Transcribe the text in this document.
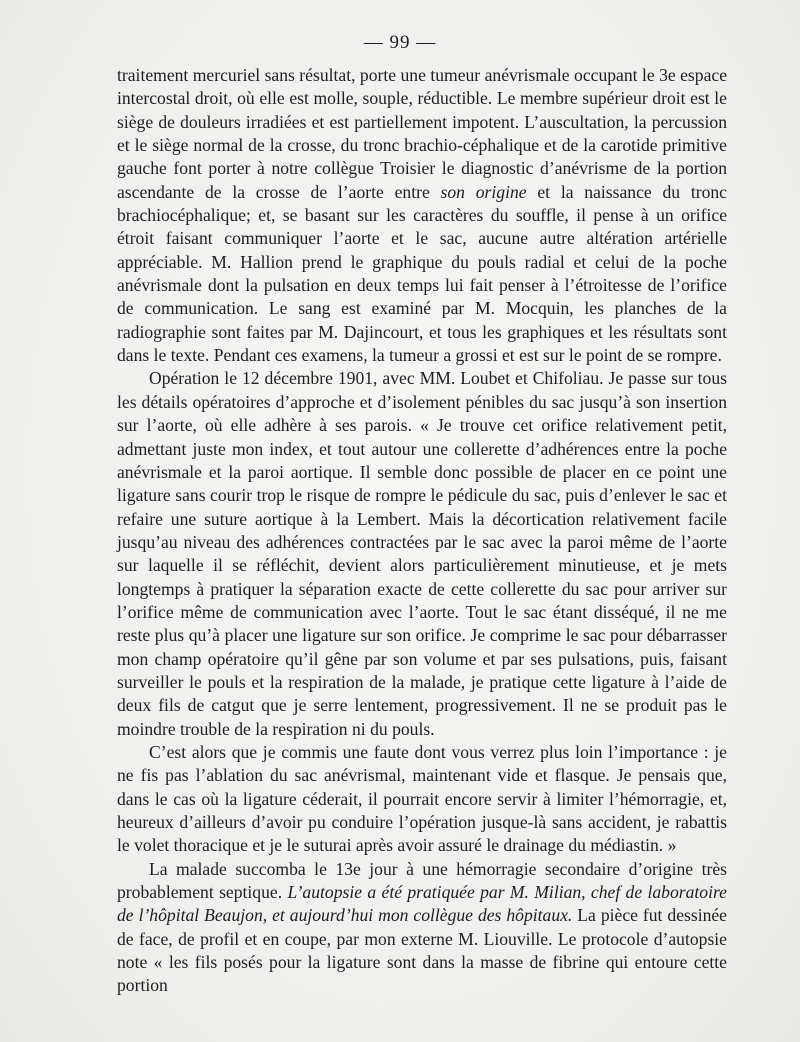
— 99 —

traitement mercuriel sans résultat, porte une tumeur anévrismale occupant le 3e espace intercostal droit, où elle est molle, souple, réductible. Le membre supérieur droit est le siège de douleurs irradiées et est partiellement impotent. L’auscultation, la percussion et le siège normal de la crosse, du tronc brachio-céphalique et de la carotide primitive gauche font porter à notre collègue Troisier le diagnostic d’anévrisme de la portion ascendante de la crosse de l’aorte entre son origine et la naissance du tronc brachiocéphalique; et, se basant sur les caractères du souffle, il pense à un orifice étroit faisant communiquer l’aorte et le sac, aucune autre altération artérielle appréciable. M. Hallion prend le graphique du pouls radial et celui de la poche anévrismale dont la pulsation en deux temps lui fait penser à l’étroitesse de l’orifice de communication. Le sang est examiné par M. Mocquin, les planches de la radiographie sont faites par M. Dajincourt, et tous les graphiques et les résultats sont dans le texte. Pendant ces examens, la tumeur a grossi et est sur le point de se rompre.

Opération le 12 décembre 1901, avec MM. Loubet et Chifoliau. Je passe sur tous les détails opératoires d’approche et d’isolement pénibles du sac jusqu’à son insertion sur l’aorte, où elle adhère à ses parois. « Je trouve cet orifice relativement petit, admettant juste mon index, et tout autour une collerette d’adhérences entre la poche anévrismale et la paroi aortique. Il semble donc possible de placer en ce point une ligature sans courir trop le risque de rompre le pédicule du sac, puis d’enlever le sac et refaire une suture aortique à la Lembert. Mais la décortication relativement facile jusqu’au niveau des adhérences contractées par le sac avec la paroi même de l’aorte sur laquelle il se réfléchit, devient alors particulièrement minutieuse, et je mets longtemps à pratiquer la séparation exacte de cette collerette du sac pour arriver sur l’orifice même de communication avec l’aorte. Tout le sac étant disséqué, il ne me reste plus qu’à placer une ligature sur son orifice. Je comprime le sac pour débarrasser mon champ opératoire qu’il gêne par son volume et par ses pulsations, puis, faisant surveiller le pouls et la respiration de la malade, je pratique cette ligature à l’aide de deux fils de catgut que je serre lentement, progressivement. Il ne se produit pas le moindre trouble de la respiration ni du pouls.

C’est alors que je commis une faute dont vous verrez plus loin l’importance : je ne fis pas l’ablation du sac anévrismal, maintenant vide et flasque. Je pensais que, dans le cas où la ligature céderait, il pourrait encore servir à limiter l’hémorragie, et, heureux d’ailleurs d’avoir pu conduire l’opération jusque-là sans accident, je rabattis le volet thoracique et je le suturai après avoir assuré le drainage du médiastin. »

La malade succomba le 13e jour à une hémorragie secondaire d’origine très probablement septique. L’autopsie a été pratiquée par M. Milian, chef de laboratoire de l’hôpital Beaujon, et aujourd’hui mon collègue des hôpitaux. La pièce fut dessinée de face, de profil et en coupe, par mon externe M. Liouville. Le protocole d’autopsie note « les fils posés pour la ligature sont dans la masse de fibrine qui entoure cette portion
